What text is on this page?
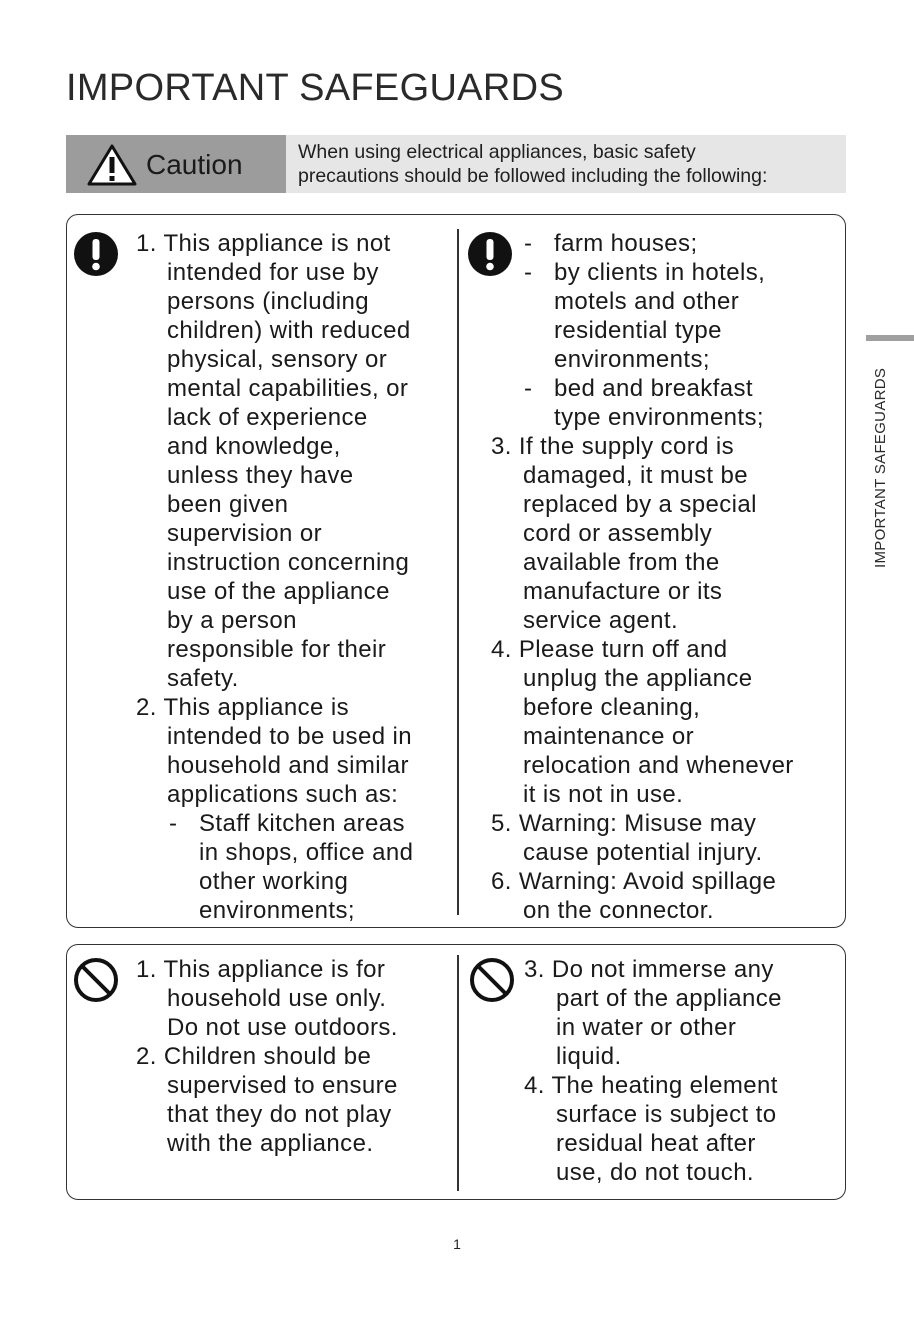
IMPORTANT SAFEGUARDS
Caution	When using electrical appliances, basic safety
precautions should be followed including the following:
1. This appliance is not
intended for use by
persons (including
children) with reduced
physical, sensory or
mental capabilities, or
lack of experience
and knowledge,
unless they have
been given
supervision or
instruction concerning
use of the appliance
by a person
responsible for their
safety.
2. This appliance is
intended to be used in
household and similar
applications such as:
- Staff kitchen areas
in shops, office and
other working
environments;
- farm houses;
- by clients in hotels,
motels and other
residential type
environments;
- bed and breakfast
type environments;
3. If the supply cord is
damaged, it must be
replaced by a special
cord or assembly
available from the
manufacture or its
service agent.
4. Please turn off and
unplug the appliance
before cleaning,
maintenance or
relocation and whenever
it is not in use.
5. Warning: Misuse may
cause potential injury.
6. Warning: Avoid spillage
on the connector.
1. This appliance is for
household use only.
Do not use outdoors.
2. Children should be
supervised to ensure
that they do not play
with the appliance.
3. Do not immerse any
part of the appliance
in water or other
liquid.
4. The heating element
surface is subject to
residual heat after
use, do not touch.
IMPORTANT SAFEGUARDS
1
